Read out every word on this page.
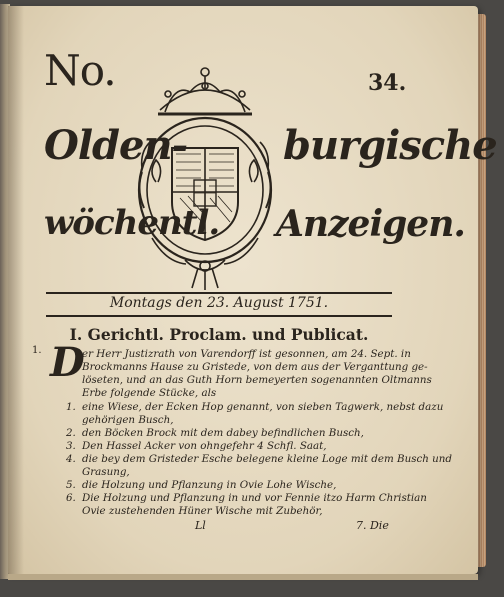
No.	34.
Olden- burgische
wöchentl. Anzeigen.
Montags den 23. August 1751.
I. Gerichtl. Proclam. und Publicat.
1. D
er Herr Justizrath von Varendorff ist gesonnen, am 24. Sept. in
Brockmanns Hause zu Gristede, von dem aus der Verganttung ge-
löseten, und an das Guth Horn bemeyerten sogenannten Oltmanns
Erbe folgende Stücke, als
1. eine Wiese, der Ecken Hop genannt, von sieben Tagwerk, nebst dazu
gehörigen Busch,
2. den Böcken Brock mit dem dabey befindlichen Busch,
3. Den Hassel Acker von ohngefehr 4 Schfl. Saat,
4. die bey dem Gristeder Esche belegene kleine Loge mit dem Busch und
Grasung,
5. die Holzung und Pflanzung in Ovie Lohe Wische,
6. Die Holzung und Pflanzung in und vor Fennie itzo Harm Christian
Ovie zustehenden Hüner Wische mit Zubehör,
Ll	7. Die
